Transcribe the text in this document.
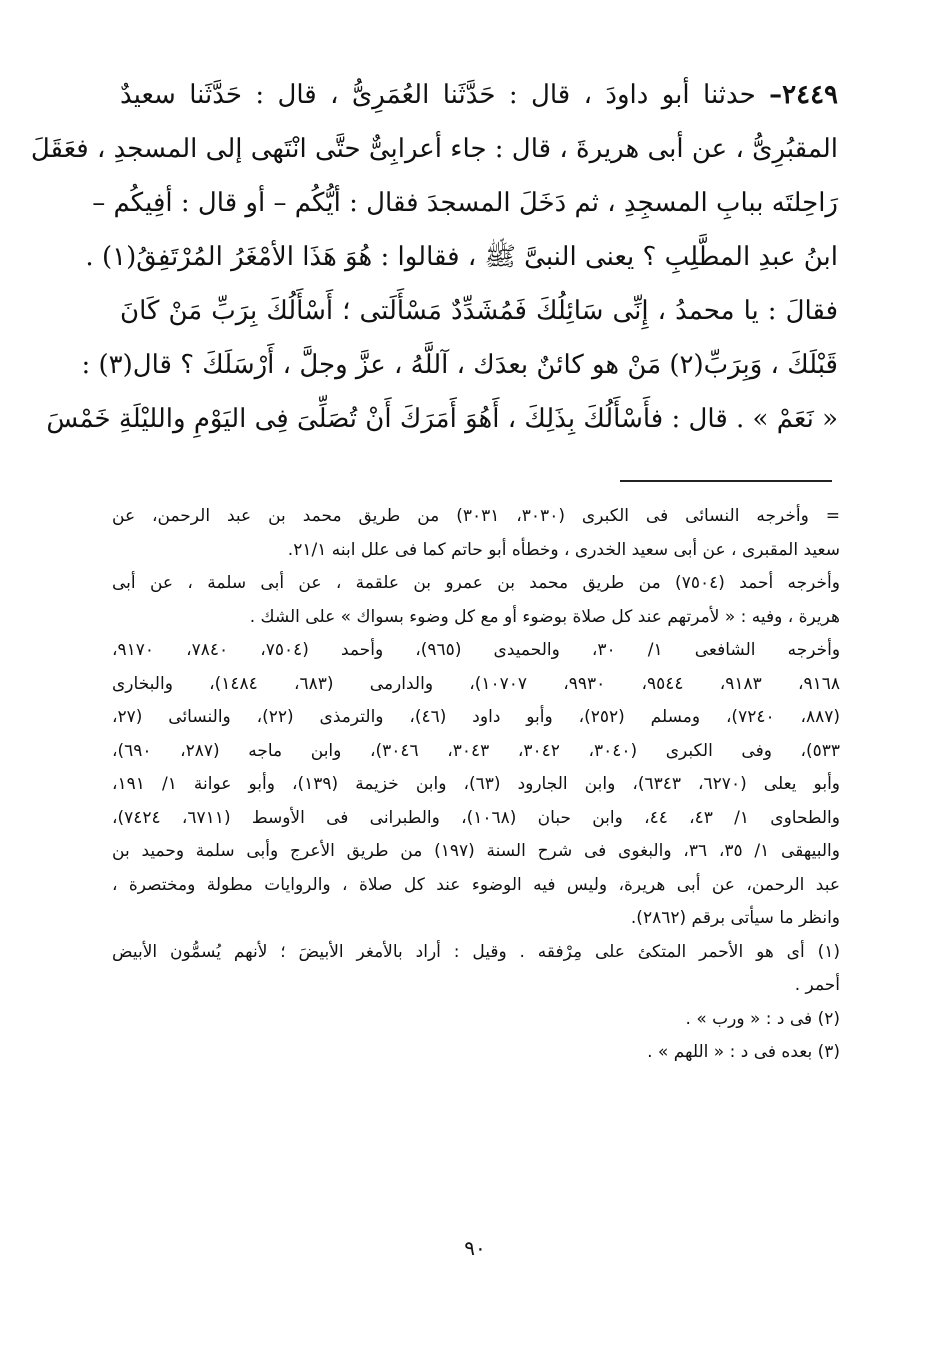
٢٤٤٩– حدثنا أبو داودَ ، قال : حَدَّثَنا العُمَرِىُّ ، قال : حَدَّثَنا سعيدٌ
المقبُرِىُّ ، عن أبى هريرةَ ، قال : جاء أعرابِىٌّ حتَّى انْتَهى إلى المسجدِ ، فعَقَلَ
رَاحِلتَه ببابِ المسجِدِ ، ثم دَخَلَ المسجدَ فقال : أيُّكُم – أو قال : أفِيكُم –
ابنُ عبدِ المطَّلِبِ ؟ يعنى النبىَّ ﷺ ، فقالوا : هُوَ هَذَا الأمْغَرُ المُرْتَفِقُ(١) .
فقالَ : يا محمدُ ، إِنِّى سَائِلُكَ فَمُشَدِّدٌ مَسْأَلَتى ؛ أَسْأَلُكَ بِرَبِّ مَنْ كَانَ
قَبْلَكَ ، وَبِرَبِّ(٢) مَنْ هو كائنٌ بعدَك ، آللَّهُ ، عزَّ وجلَّ ، أَرْسَلَكَ ؟ قال(٣) :
« نَعَمْ » . قال : فأَسْأَلُكَ بِذَلِكَ ، أَهُوَ أَمَرَكَ أَنْ تُصَلِّىَ فِى اليَوْمِ والليْلَةِ خَمْسَ
= وأخرجه النسائى فى الكبرى (٣٠٣٠، ٣٠٣١) من طريق محمد بن عبد الرحمن، عن
سعيد المقبرى ، عن أبى سعيد الخدرى ، وخطأه أبو حاتم كما فى علل ابنه ٢١/١.
وأخرجه أحمد (٧٥٠٤) من طريق محمد بن عمرو بن علقمة ، عن أبى سلمة ، عن أبى
هريرة ، وفيه : « لأمرتهم عند كل صلاة بوضوء أو مع كل وضوء بسواك » على الشك .
وأخرجه الشافعى ١/ ٣٠، والحميدى (٩٦٥)، وأحمد (٧٥٠٤، ٧٨٤٠، ٩١٧٠،
٩١٦٨، ٩١٨٣، ٩٥٤٤، ٩٩٣٠، ١٠٧٠٧)، والدارمى (٦٨٣، ١٤٨٤)، والبخارى
(٨٨٧، ٧٢٤٠)، ومسلم (٢٥٢)، وأبو داود (٤٦)، والترمذى (٢٢)، والنسائى (٢٧،
٥٣٣)، وفى الكبرى (٣٠٤٠، ٣٠٤٢، ٣٠٤٣، ٣٠٤٦)، وابن ماجه (٢٨٧، ٦٩٠)،
وأبو يعلى (٦٢٧٠، ٦٣٤٣)، وابن الجارود (٦٣)، وابن خزيمة (١٣٩)، وأبو عوانة ١/ ١٩١،
والطحاوى ١/ ٤٣، ٤٤، وابن حبان (١٠٦٨)، والطبرانى فى الأوسط (٦٧١١، ٧٤٢٤)،
والبيهقى ١/ ٣٥، ٣٦، والبغوى فى شرح السنة (١٩٧) من طريق الأعرج وأبى سلمة وحميد بن
عبد الرحمن، عن أبى هريرة، وليس فيه الوضوء عند كل صلاة ، والروايات مطولة ومختصرة ،
وانظر ما سيأتى برقم (٢٨٦٢).
(١) أى هو الأحمر المتكئ على مِرْفقه . وقيل : أراد بالأمغر الأبيضَ ؛ لأنهم يُسمُّون الأبيض
أحمر .
(٢) فى د : « ورب » .
(٣) بعده فى د : « اللهم » .
٩٠
